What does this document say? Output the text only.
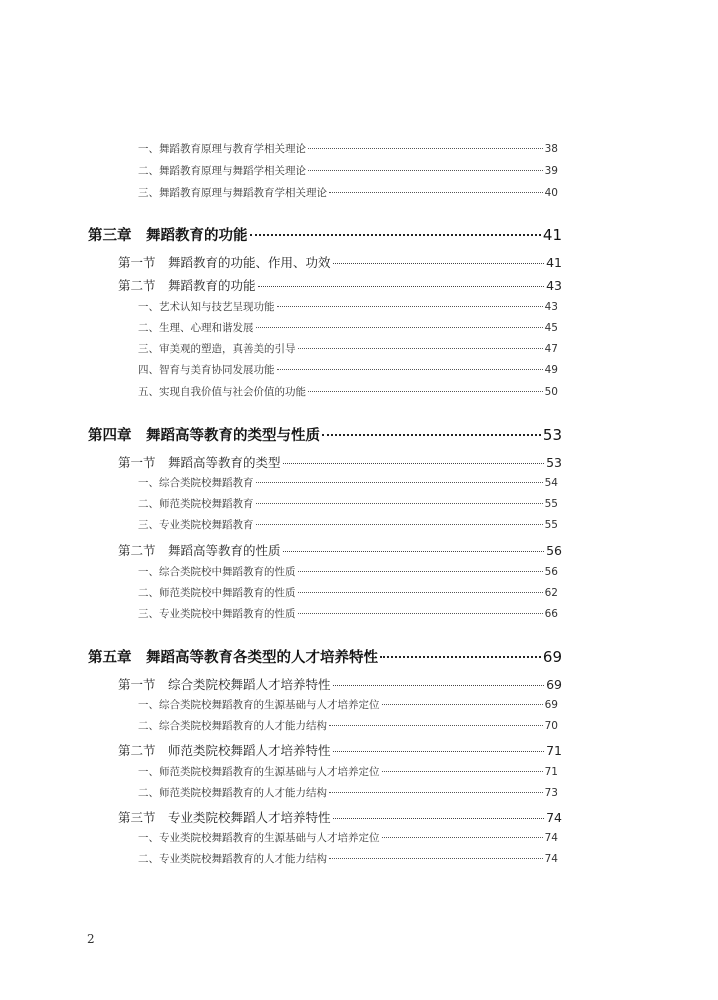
一、舞蹈教育原理与教育学相关理论	38
二、舞蹈教育原理与舞蹈学相关理论	39
三、舞蹈教育原理与舞蹈教育学相关理论	40
第三章　舞蹈教育的功能	41
第一节　舞蹈教育的功能、作用、功效	41
第二节　舞蹈教育的功能	43
一、艺术认知与技艺呈现功能	43
二、生理、心理和谐发展	45
三、审美观的塑造，真善美的引导	47
四、智育与美育协同发展功能	49
五、实现自我价值与社会价值的功能	50
第四章　舞蹈高等教育的类型与性质	53
第一节　舞蹈高等教育的类型	53
一、综合类院校舞蹈教育	54
二、师范类院校舞蹈教育	55
三、专业类院校舞蹈教育	55
第二节　舞蹈高等教育的性质	56
一、综合类院校中舞蹈教育的性质	56
二、师范类院校中舞蹈教育的性质	62
三、专业类院校中舞蹈教育的性质	66
第五章　舞蹈高等教育各类型的人才培养特性	69
第一节　综合类院校舞蹈人才培养特性	69
一、综合类院校舞蹈教育的生源基础与人才培养定位	69
二、综合类院校舞蹈教育的人才能力结构	70
第二节　师范类院校舞蹈人才培养特性	71
一、师范类院校舞蹈教育的生源基础与人才培养定位	71
二、师范类院校舞蹈教育的人才能力结构	73
第三节　专业类院校舞蹈人才培养特性	74
一、专业类院校舞蹈教育的生源基础与人才培养定位	74
二、专业类院校舞蹈教育的人才能力结构	74
2
